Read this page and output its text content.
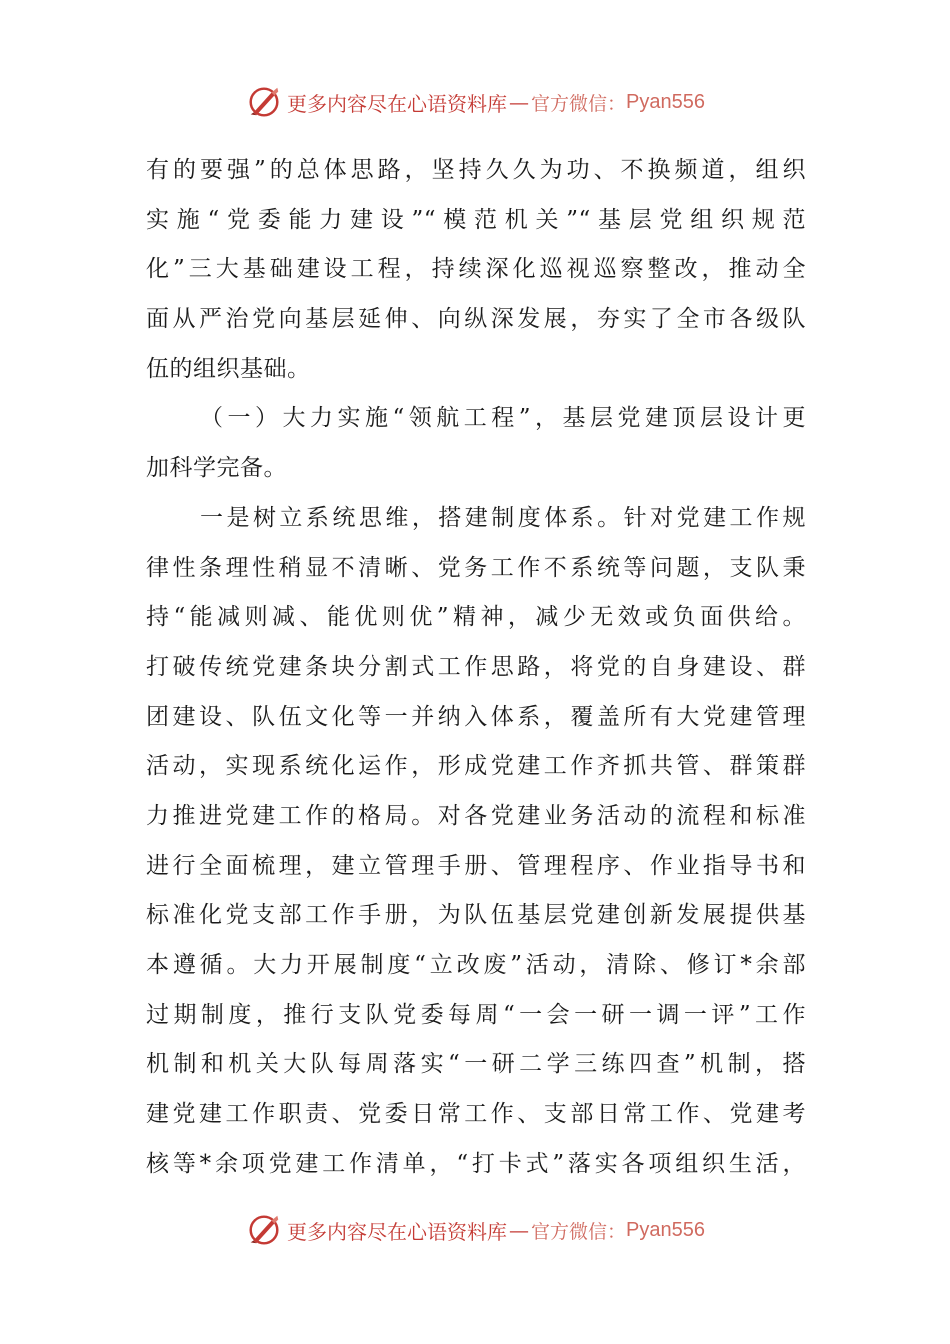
更多内容尽在心语资料库 — 官方微信： Pyan556
有的要强”的总体思路，坚持久久为功、不换频道，组织
实施“党委能力建设”“模范机关”“基层党组织规范
化”三大基础建设工程，持续深化巡视巡察整改，推动全
面从严治党向基层延伸、向纵深发展，夯实了全市各级队
伍的组织基础。
（一）大力实施“领航工程”，基层党建顶层设计更
加科学完备。
一是树立系统思维，搭建制度体系。针对党建工作规
律性条理性稍显不清晰、党务工作不系统等问题，支队秉
持“能减则减、能优则优”精神，减少无效或负面供给。
打破传统党建条块分割式工作思路，将党的自身建设、群
团建设、队伍文化等一并纳入体系，覆盖所有大党建管理
活动，实现系统化运作，形成党建工作齐抓共管、群策群
力推进党建工作的格局。对各党建业务活动的流程和标准
进行全面梳理，建立管理手册、管理程序、作业指导书和
标准化党支部工作手册，为队伍基层党建创新发展提供基
本遵循。大力开展制度“立改废”活动，清除、修订*余部
过期制度，推行支队党委每周“一会一研一调一评”工作
机制和机关大队每周落实“一研二学三练四查”机制，搭
建党建工作职责、党委日常工作、支部日常工作、党建考
核等*余项党建工作清单，“打卡式”落实各项组织生活，
更多内容尽在心语资料库 — 官方微信： Pyan556
